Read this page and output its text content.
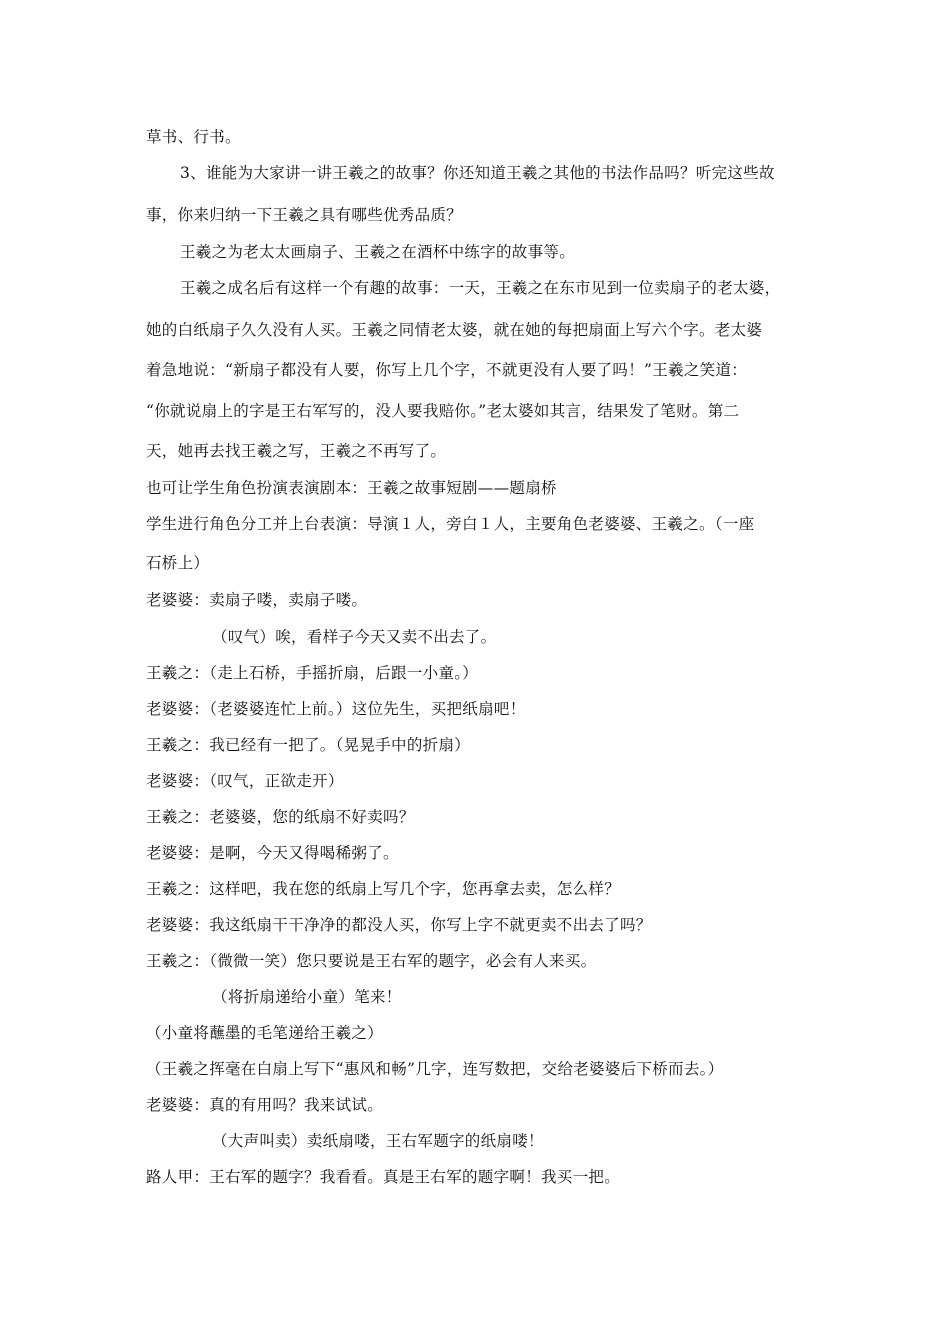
草书、行书。
3、谁能为大家讲一讲王羲之的故事？你还知道王羲之其他的书法作品吗？听完这些故
事，你来归纳一下王羲之具有哪些优秀品质？
王羲之为老太太画扇子、王羲之在酒杯中练字的故事等。
王羲之成名后有这样一个有趣的故事：一天，王羲之在东市见到一位卖扇子的老太婆，
她的白纸扇子久久没有人买。王羲之同情老太婆，就在她的每把扇面上写六个字。老太婆
着急地说：“新扇子都没有人要，你写上几个字，不就更没有人要了吗！”王羲之笑道：
“你就说扇上的字是王右军写的，没人要我赔你。”老太婆如其言，结果发了笔财。第二
天，她再去找王羲之写，王羲之不再写了。
也可让学生角色扮演表演剧本：王羲之故事短剧——题扇桥
学生进行角色分工并上台表演：导演１人，旁白１人，主要角色老婆婆、王羲之。（一座
石桥上）
老婆婆：卖扇子喽，卖扇子喽。
（叹气）唉，看样子今天又卖不出去了。
王羲之：（走上石桥，手摇折扇，后跟一小童。）
老婆婆：（老婆婆连忙上前。）这位先生，买把纸扇吧！
王羲之：我已经有一把了。（晃晃手中的折扇）
老婆婆：（叹气，正欲走开）
王羲之：老婆婆，您的纸扇不好卖吗？
老婆婆：是啊，今天又得喝稀粥了。
王羲之：这样吧，我在您的纸扇上写几个字，您再拿去卖，怎么样？
老婆婆：我这纸扇干干净净的都没人买，你写上字不就更卖不出去了吗？
王羲之：（微微一笑）您只要说是王右军的题字，必会有人来买。
（将折扇递给小童）笔来！
（小童将蘸墨的毛笔递给王羲之）
（王羲之挥毫在白扇上写下“惠风和畅”几字，连写数把，交给老婆婆后下桥而去。）
老婆婆：真的有用吗？我来试试。
（大声叫卖）卖纸扇喽，王右军题字的纸扇喽！
路人甲：王右军的题字？我看看。真是王右军的题字啊！我买一把。
